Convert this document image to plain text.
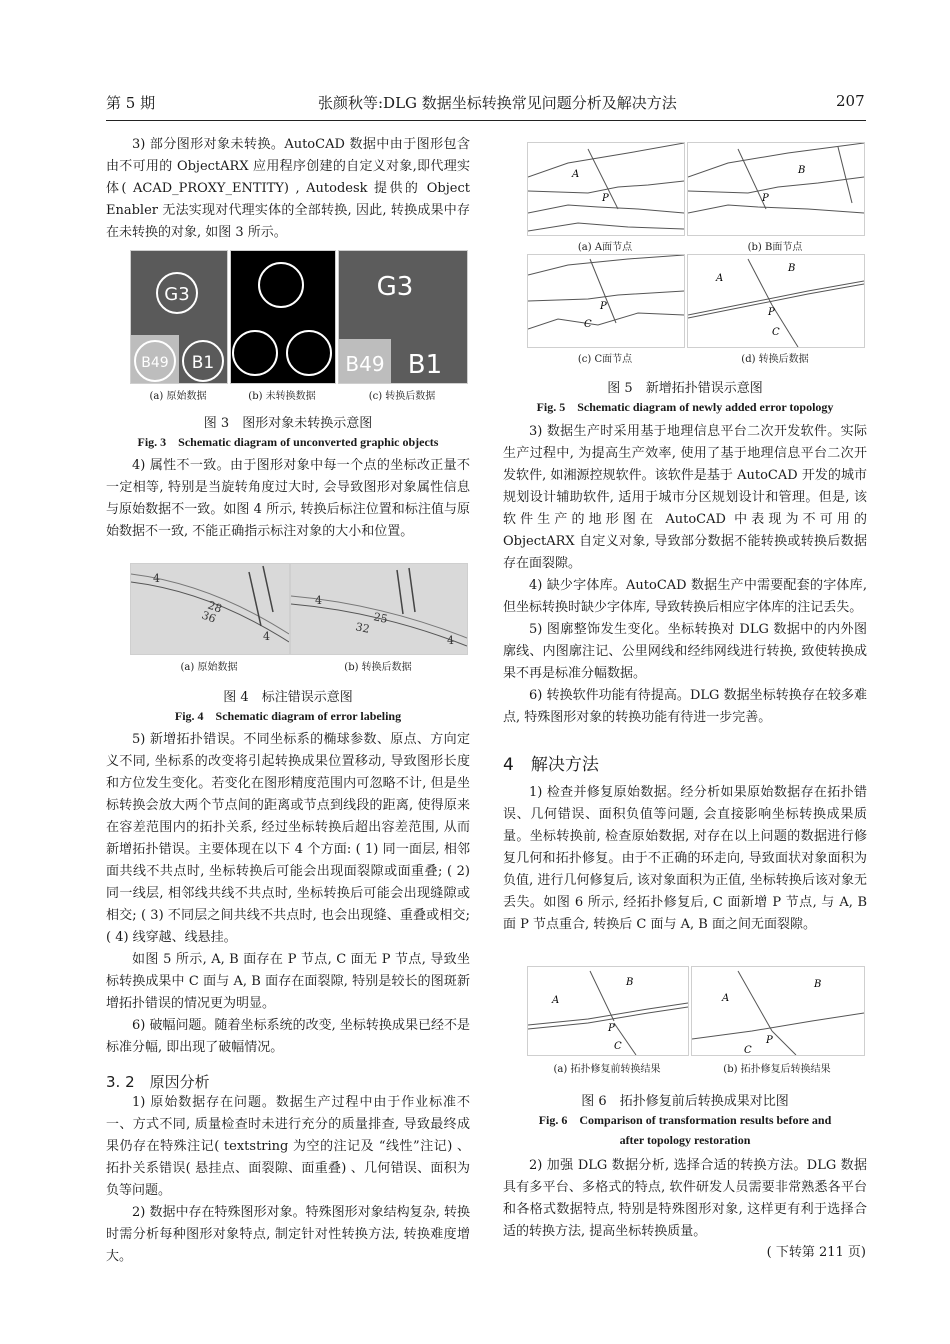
第 5 期	张颜秋等:DLG 数据坐标转换常见问题分析及解决方法	207

3) 部分图形对象未转换。AutoCAD 数据中由于图形包含由不可用的 ObjectARX 应用程序创建的自定义对象,即代理实体( ACAD_PROXY_ENTITY) , Autodesk 提供的 Object Enabler 无法实现对代理实体的全部转换, 因此, 转换成果中存在未转换的对象, 如图 3 所示。

G3
B49 B1
G3
B49 B1
(a) 原始数据	(b) 未转换数据	(c) 转换后数据
图 3　图形对象未转换示意图
Fig. 3　Schematic diagram of unconverted graphic objects

4) 属性不一致。由于图形对象中每一个点的坐标改正量不一定相等, 特别是当旋转角度过大时, 会导致图形对象属性信息与原始数据不一致。如图 4 所示, 转换后标注位置和标注值与原始数据不一致, 不能正确指示标注对象的大小和位置。

4
28
36
4
4
25
32
4
(a) 原始数据	(b) 转换后数据
图 4　标注错误示意图
Fig. 4　Schematic diagram of error labeling

5) 新增拓扑错误。不同坐标系的椭球参数、原点、方向定义不同, 坐标系的改变将引起转换成果位置移动, 导致图形长度和方位发生变化。若变化在图形精度范围内可忽略不计, 但是坐标转换会放大两个节点间的距离或节点到线段的距离, 使得原来在容差范围内的拓扑关系, 经过坐标转换后超出容差范围, 从而新增拓扑错误。主要体现在以下 4 个方面: ( 1) 同一面层, 相邻面共线不共点时, 坐标转换后可能会出现面裂隙或面重叠; ( 2) 同一线层, 相邻线共线不共点时, 坐标转换后可能会出现缝隙或相交; ( 3) 不同层之间共线不共点时, 也会出现缝、重叠或相交; ( 4) 线穿越、线悬挂。

如图 5 所示, A, B 面存在 P 节点, C 面无 P 节点, 导致坐标转换成果中 C 面与 A, B 面存在面裂隙, 特别是较长的图斑新增拓扑错误的情况更为明显。

6) 破幅问题。随着坐标系统的改变, 坐标转换成果已经不是标准分幅, 即出现了破幅情况。

3. 2　原因分析

1) 原始数据存在问题。数据生产过程中由于作业标准不一、方式不同, 质量检查时未进行充分的质量排查, 导致最终成果仍存在特殊注记( textstring 为空的注记及 “线性”注记) 、拓扑关系错误( 悬挂点、面裂隙、面重叠) 、几何错误、面积为负等问题。

2) 数据中存在特殊图形对象。特殊图形对象结构复杂, 转换时需分析每种图形对象特点, 制定针对性转换方法, 转换难度增大。

A
P
B
P
(a) A面节点	(b) B面节点
P
C
A
B
P
C
(c) C面节点	(d) 转换后数据
图 5　新增拓扑错误示意图
Fig. 5　Schematic diagram of newly added error topology

3) 数据生产时采用基于地理信息平台二次开发软件。实际生产过程中, 为提高生产效率, 使用了基于地理信息平台二次开发软件, 如湘源控规软件。该软件是基于 AutoCAD 开发的城市规划设计辅助软件, 适用于城市分区规划设计和管理。但是, 该软件生产的地形图在 AutoCAD 中表现为不可用的 ObjectARX 自定义对象, 导致部分数据不能转换或转换后数据存在面裂隙。

4) 缺少字体库。AutoCAD 数据生产中需要配套的字体库, 但坐标转换时缺少字体库, 导致转换后相应字体库的注记丢失。

5) 图廓整饰发生变化。坐标转换对 DLG 数据中的内外图廓线、内图廓注记、公里网线和经纬网线进行转换, 致使转换成果不再是标准分幅数据。

6) 转换软件功能有待提高。DLG 数据坐标转换存在较多难点, 特殊图形对象的转换功能有待进一步完善。

4　解决方法

1) 检查并修复原始数据。经分析如果原始数据存在拓扑错误、几何错误、面积负值等问题, 会直接影响坐标转换成果质量。坐标转换前, 检查原始数据, 对存在以上问题的数据进行修复几何和拓扑修复。由于不正确的环走向, 导致面状对象面积为负值, 进行几何修复后, 该对象面积为正值, 坐标转换后该对象无丢失。如图 6 所示, 经拓扑修复后, C 面新增 P 节点, 与 A, B 面 P 节点重合, 转换后 C 面与 A, B 面之间无面裂隙。

A
B
P
C
A
B
P
C
(a) 拓扑修复前转换结果	(b) 拓扑修复后转换结果
图 6　拓扑修复前后转换成果对比图
Fig. 6　Comparison of transformation results before and
after topology restoration

2) 加强 DLG 数据分析, 选择合适的转换方法。DLG 数据具有多平台、多格式的特点, 软件研发人员需要非常熟悉各平台和各格式数据特点, 特别是特殊图形对象, 这样更有利于选择合适的转换方法, 提高坐标转换质量。

( 下转第 211 页)
